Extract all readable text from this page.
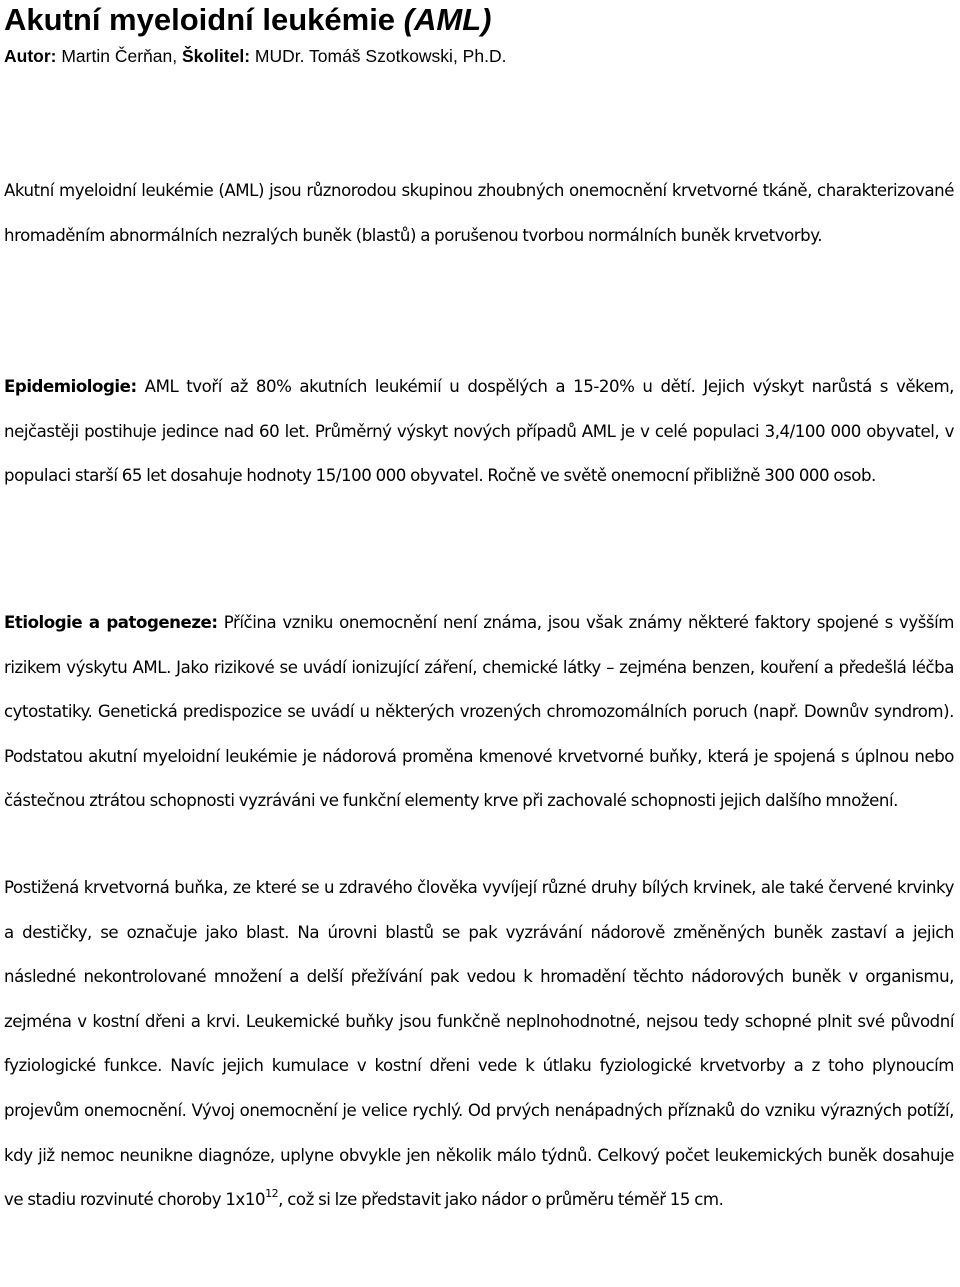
Akutní myeloidní leukémie (AML)
Autor: Martin Čerňan, Školitel: MUDr. Tomáš Szotkowski, Ph.D.

Akutní myeloidní leukémie (AML) jsou různorodou skupinou zhoubných onemocnění krvetvorné tkáně, charakterizované hromaděním abnormálních nezralých buněk (blastů) a porušenou tvorbou normálních buněk krvetvorby.

Epidemiologie: AML tvoří až 80% akutních leukémií u dospělých a 15-20% u dětí. Jejich výskyt narůstá s věkem, nejčastěji postihuje jedince nad 60 let. Průměrný výskyt nových případů AML je v celé populaci 3,4/100 000 obyvatel, v populaci starší 65 let dosahuje hodnoty 15/100 000 obyvatel. Ročně ve světě onemocní přibližně 300 000 osob.

Etiologie a patogeneze: Příčina vzniku onemocnění není známa, jsou však známy některé faktory spojené s vyšším rizikem výskytu AML. Jako rizikové se uvádí ionizující záření, chemické látky – zejména benzen, kouření a předešlá léčba cytostatiky. Genetická predispozice se uvádí u některých vrozených chromozomálních poruch (např. Downův syndrom). Podstatou akutní myeloidní leukémie je nádorová proměna kmenové krvetvorné buňky, která je spojená s úplnou nebo částečnou ztrátou schopnosti vyzráváni ve funkční elementy krve při zachovalé schopnosti jejich dalšího množení.

Postižená krvetvorná buňka, ze které se u zdravého člověka vyvíjejí různé druhy bílých krvinek, ale také červené krvinky a destičky, se označuje jako blast. Na úrovni blastů se pak vyzrávání nádorově změněných buněk zastaví a jejich následné nekontrolované množení a delší přežívání pak vedou k hromadění těchto nádorových buněk v organismu, zejména v kostní dřeni a krvi. Leukemické buňky jsou funkčně neplnohodnotné, nejsou tedy schopné plnit své původní fyziologické funkce. Navíc jejich kumulace v kostní dřeni vede k útlaku fyziologické krvetvorby a z toho plynoucím projevům onemocnění. Vývoj onemocnění je velice rychlý. Od prvých nenápadných příznaků do vzniku výrazných potíží, kdy již nemoc neunikne diagnóze, uplyne obvykle jen několik málo týdnů. Celkový počet leukemických buněk dosahuje ve stadiu rozvinuté choroby $1x10^{12}$, což si lze představit jako nádor o průměru téměř 15 cm.
